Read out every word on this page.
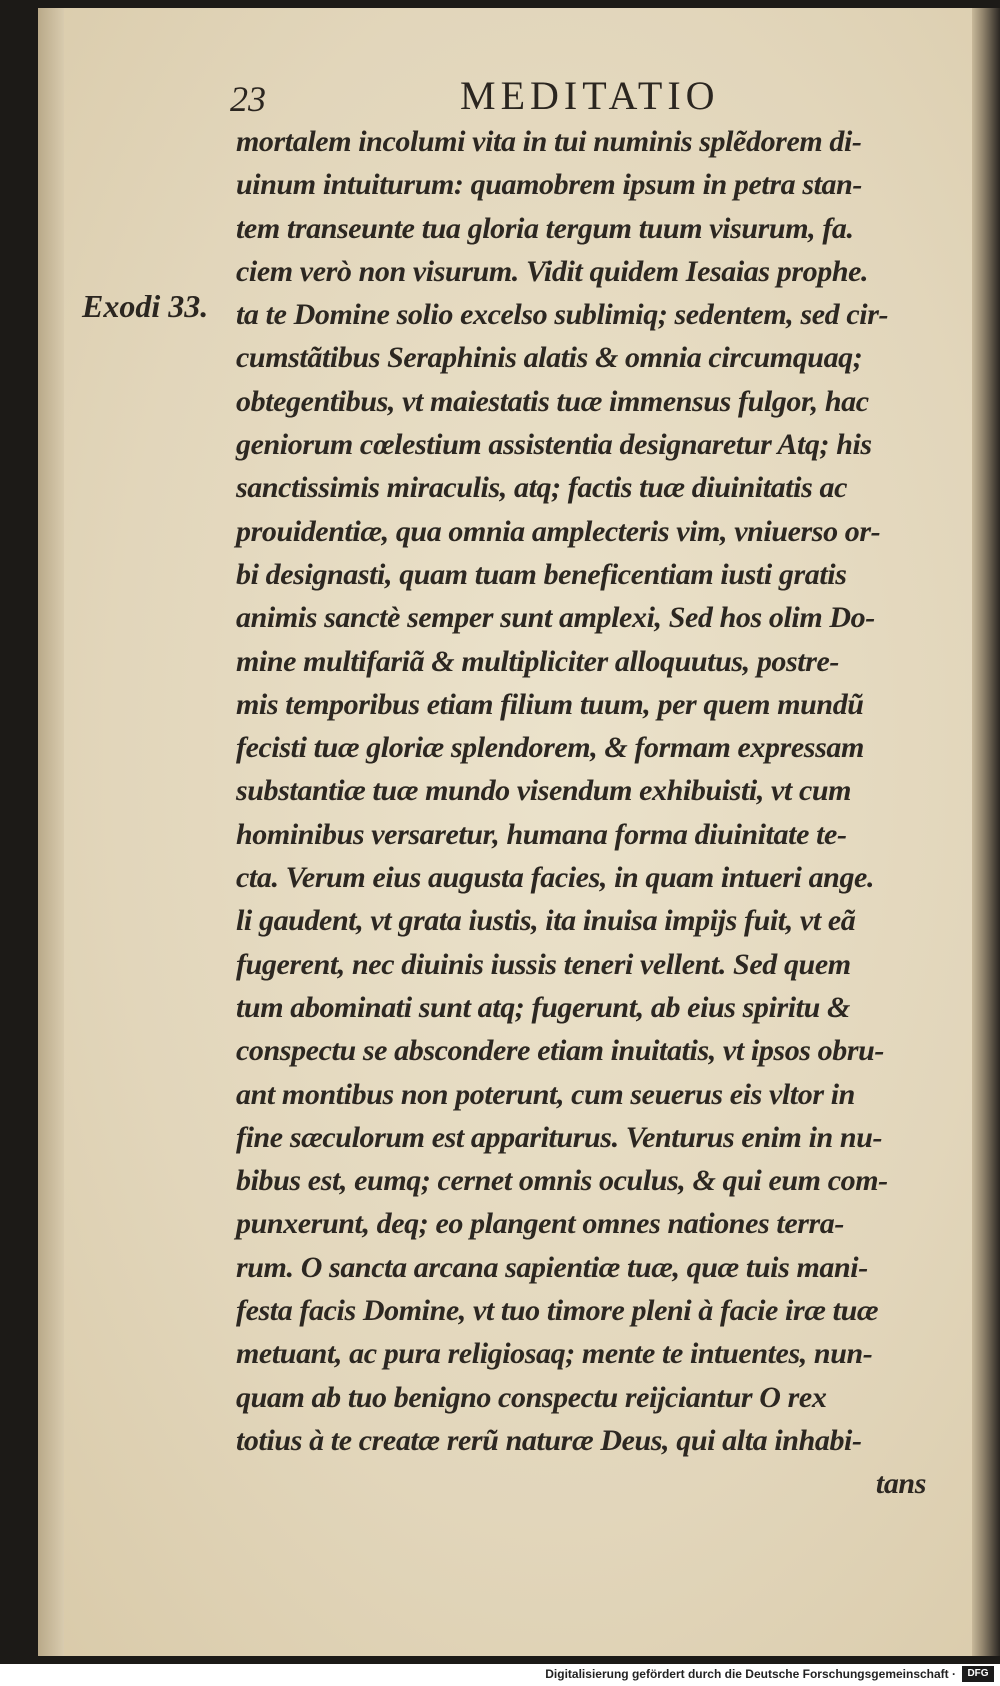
23	MEDITATIO
Exodi 33.
mortalem incolumi vita in tui numinis splẽdorem di-
uinum intuiturum: quamobrem ipsum in petra stan-
tem transeunte tua gloria tergum tuum visurum, fa.
ciem verò non visurum. Vidit quidem Iesaias prophe.
ta te Domine solio excelso sublimiq; sedentem, sed cir-
cumstãtibus Seraphinis alatis & omnia circumquaq;
obtegentibus, vt maiestatis tuæ immensus fulgor, hac
geniorum cœlestium assistentia designaretur Atq; his
sanctissimis miraculis, atq; factis tuæ diuinitatis ac
prouidentiæ, qua omnia amplecteris vim, vniuerso or-
bi designasti, quam tuam beneficentiam iusti gratis
animis sanctè semper sunt amplexi, Sed hos olim Do-
mine multifariã & multipliciter alloquutus, postre-
mis temporibus etiam filium tuum, per quem mundũ
fecisti tuæ gloriæ splendorem, & formam expressam
substantiæ tuæ mundo visendum exhibuisti, vt cum
hominibus versaretur, humana forma diuinitate te-
cta. Verum eius augusta facies, in quam intueri ange.
li gaudent, vt grata iustis, ita inuisa impijs fuit, vt eã
fugerent, nec diuinis iussis teneri vellent. Sed quem
tum abominati sunt atq; fugerunt, ab eius spiritu &
conspectu se abscondere etiam inuitatis, vt ipsos obru-
ant montibus non poterunt, cum seuerus eis vltor in
fine sæculorum est appariturus. Venturus enim in nu-
bibus est, eumq; cernet omnis oculus, & qui eum com-
punxerunt, deq; eo plangent omnes nationes terra-
rum. O sancta arcana sapientiæ tuæ, quæ tuis mani-
festa facis Domine, vt tuo timore pleni à facie iræ tuæ
metuant, ac pura religiosaq; mente te intuentes, nun-
quam ab tuo benigno conspectu reijciantur O rex
totius à te creatæ rerũ naturæ Deus, qui alta inhabi-
tans
Digitalisierung gefördert durch die Deutsche Forschungsgemeinschaft ·	DFG
